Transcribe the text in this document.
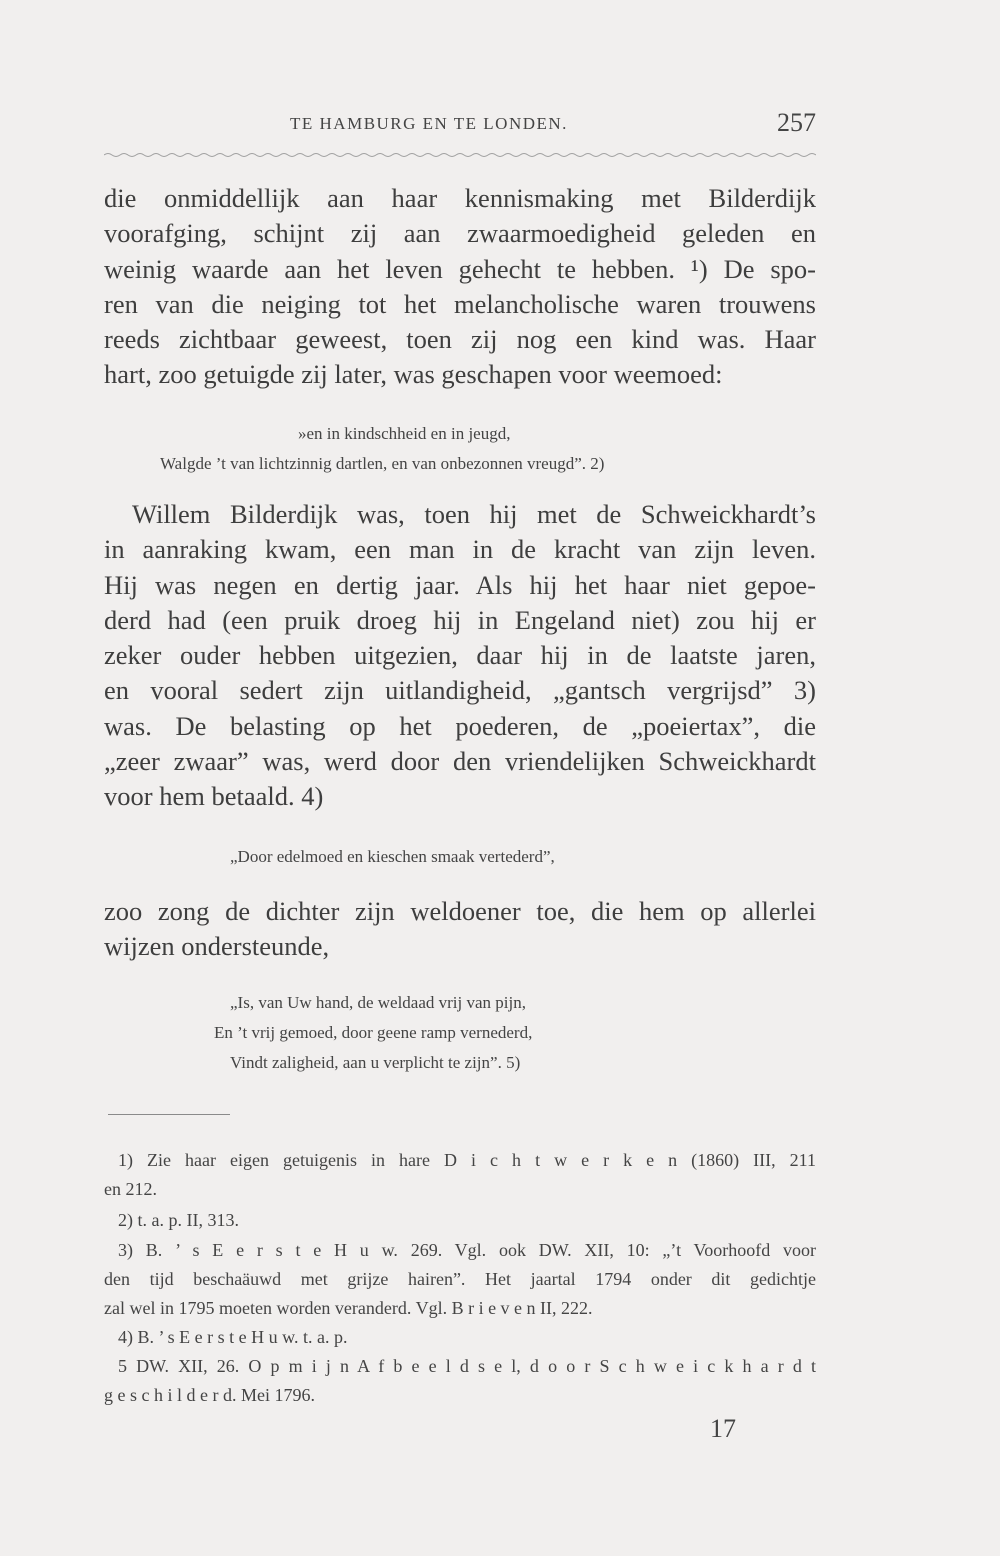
TE HAMBURG EN TE LONDEN.	257
die onmiddellijk aan haar kennismaking met Bilderdijk
voorafging, schijnt zij aan zwaarmoedigheid geleden en
weinig waarde aan het leven gehecht te hebben. ¹) De spo-
ren van die neiging tot het melancholische waren trouwens
reeds zichtbaar geweest, toen zij nog een kind was. Haar
hart, zoo getuigde zij later, was geschapen voor weemoed:
»en in kindschheid en in jeugd,
Walgde ’t van lichtzinnig dartlen, en van onbezonnen vreugd”. 2)
Willem Bilderdijk was, toen hij met de Schweickhardt’s
in aanraking kwam, een man in de kracht van zijn leven.
Hij was negen en dertig jaar. Als hij het haar niet gepoe-
derd had (een pruik droeg hij in Engeland niet) zou hij er
zeker ouder hebben uitgezien, daar hij in de laatste jaren,
en vooral sedert zijn uitlandigheid, „gantsch vergrijsd” 3)
was. De belasting op het poederen, de „poeiertax”, die
„zeer zwaar” was, werd door den vriendelijken Schweickhardt
voor hem betaald. 4)
„Door edelmoed en kieschen smaak vertederd”,
zoo zong de dichter zijn weldoener toe, die hem op allerlei
wijzen ondersteunde,
„Is, van Uw hand, de weldaad vrij van pijn,
En ’t vrij gemoed, door geene ramp vernederd,
Vindt zaligheid, aan u verplicht te zijn”. 5)
1) Zie haar eigen getuigenis in hare D i c h t w e r k e n (1860) III, 211
en 212.
2) t. a. p. II, 313.
3) B. ’ s E e r s t e H u w. 269. Vgl. ook DW. XII, 10: „’t Voorhoofd voor
den tijd beschaäuwd met grijze hairen”. Het jaartal 1794 onder dit gedichtje
zal wel in 1795 moeten worden veranderd. Vgl. B r i e v e n II, 222.
4) B. ’ s E e r s t e H u w. t. a. p.
5 DW. XII, 26. O p m i j n A f b e e l d s e l, d o o r S c h w e i c k h a r d t
g e s c h i l d e r d. Mei 1796.
17
